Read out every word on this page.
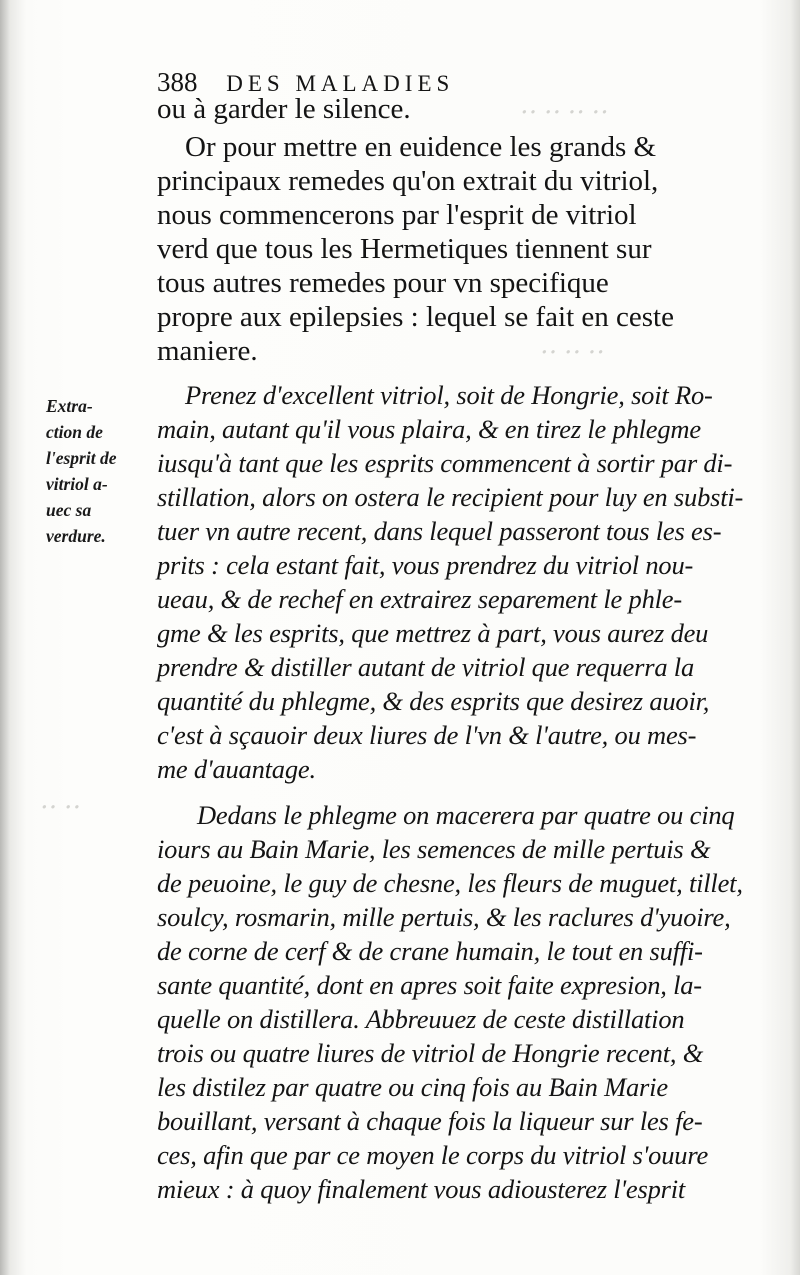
‥ ‥ ‥ ‥
‥ ‥ ‥
‥ ‥
388 DES MALADIES
Extra-
ction de
l'esprit de
vitriol a-
uec sa
verdure.
ou à garder le silence.
Or pour mettre en euidence les grands &
principaux remedes qu'on extrait du vitriol,
nous commencerons par l'esprit de vitriol
verd que tous les Hermetiques tiennent sur
tous autres remedes pour vn specifique
propre aux epilepsies : lequel se fait en ceste
maniere.
Prenez d'excellent vitriol, soit de Hongrie, soit Ro-
main, autant qu'il vous plaira, & en tirez le phlegme
iusqu'à tant que les esprits commencent à sortir par di-
stillation, alors on ostera le recipient pour luy en substi-
tuer vn autre recent, dans lequel passeront tous les es-
prits : cela estant fait, vous prendrez du vitriol nou-
ueau, & de rechef en extrairez separement le phle-
gme & les esprits, que mettrez à part, vous aurez deu
prendre & distiller autant de vitriol que requerra la
quantité du phlegme, & des esprits que desirez auoir,
c'est à sçauoir deux liures de l'vn & l'autre, ou mes-
me d'auantage.
Dedans le phlegme on macerera par quatre ou cinq
iours au Bain Marie, les semences de mille pertuis &
de peuoine, le guy de chesne, les fleurs de muguet, tillet,
soulcy, rosmarin, mille pertuis, & les raclures d'yuoire,
de corne de cerf & de crane humain, le tout en suffi-
sante quantité, dont en apres soit faite expresion, la-
quelle on distillera. Abbreuuez de ceste distillation
trois ou quatre liures de vitriol de Hongrie recent, &
les distilez par quatre ou cinq fois au Bain Marie
bouillant, versant à chaque fois la liqueur sur les fe-
ces, afin que par ce moyen le corps du vitriol s'ouure
mieux : à quoy finalement vous adiousterez l'esprit
